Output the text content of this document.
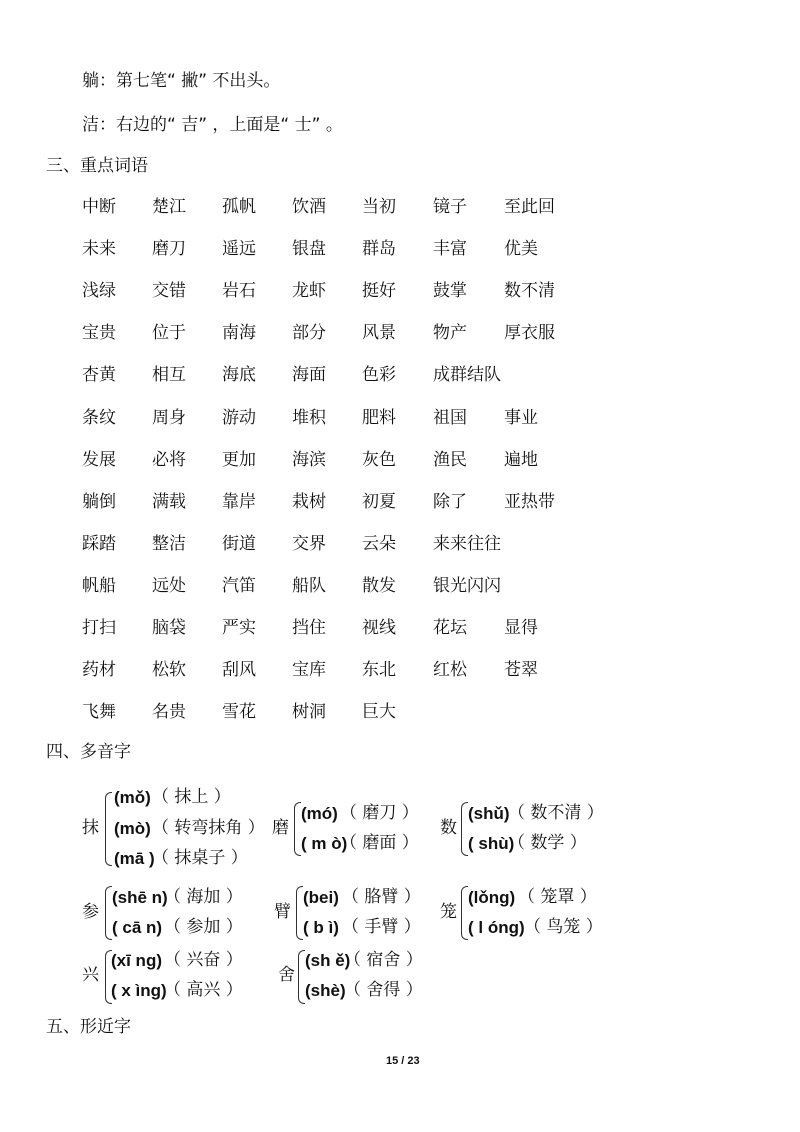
躺：第七笔“ 撇” 不出头。
洁：右边的“ 吉” ，上面是“ 士” 。
三、重点词语
中断 楚江 孤帆 饮酒 当初 镜子 至此回
未来 磨刀 遥远 银盘 群岛 丰富 优美
浅绿 交错 岩石 龙虾 挺好 鼓掌 数不清
宝贵 位于 南海 部分 风景 物产 厚衣服
杏黄 相互 海底 海面 色彩 成群结队
条纹 周身 游动 堆积 肥料 祖国 事业
发展 必将 更加 海滨 灰色 渔民 遍地
躺倒 满载 靠岸 栽树 初夏 除了 亚热带
踩踏 整洁 街道 交界 云朵 来来往往
帆船 远处 汽笛 船队 散发 银光闪闪
打扫 脑袋 严实 挡住 视线 花坛 显得
药材 松软 刮风 宝库 东北 红松 苍翠
飞舞 名贵 雪花 树洞 巨大
四、多音字
抹
(mǒ) （ 抹上 ）
(mò) （ 转弯抹角 ）
(mā )
（ 抹桌子 ）
磨
(mó) （ 磨刀 ）
( m ò)
（ 磨面 ）
数
(shǔ)
（ 数不清 ）
( shù)
（ 数学 ）
参
(shē n)
（ 海加 ）
( cā n) （ 参加 ）
臂
(bei) （ 胳臂 ）
( b ì) （ 手臂 ）
笼
(lǒng) （ 笼罩 ）
( l óng) （ 鸟笼 ）
兴
(xī ng) （ 兴奋 ）
( x ìng)
（ 高兴 ）
舍
(sh ě)
（ 宿舍 ）
(shè)
（ 舍得 ）
五、形近字
15 / 23
